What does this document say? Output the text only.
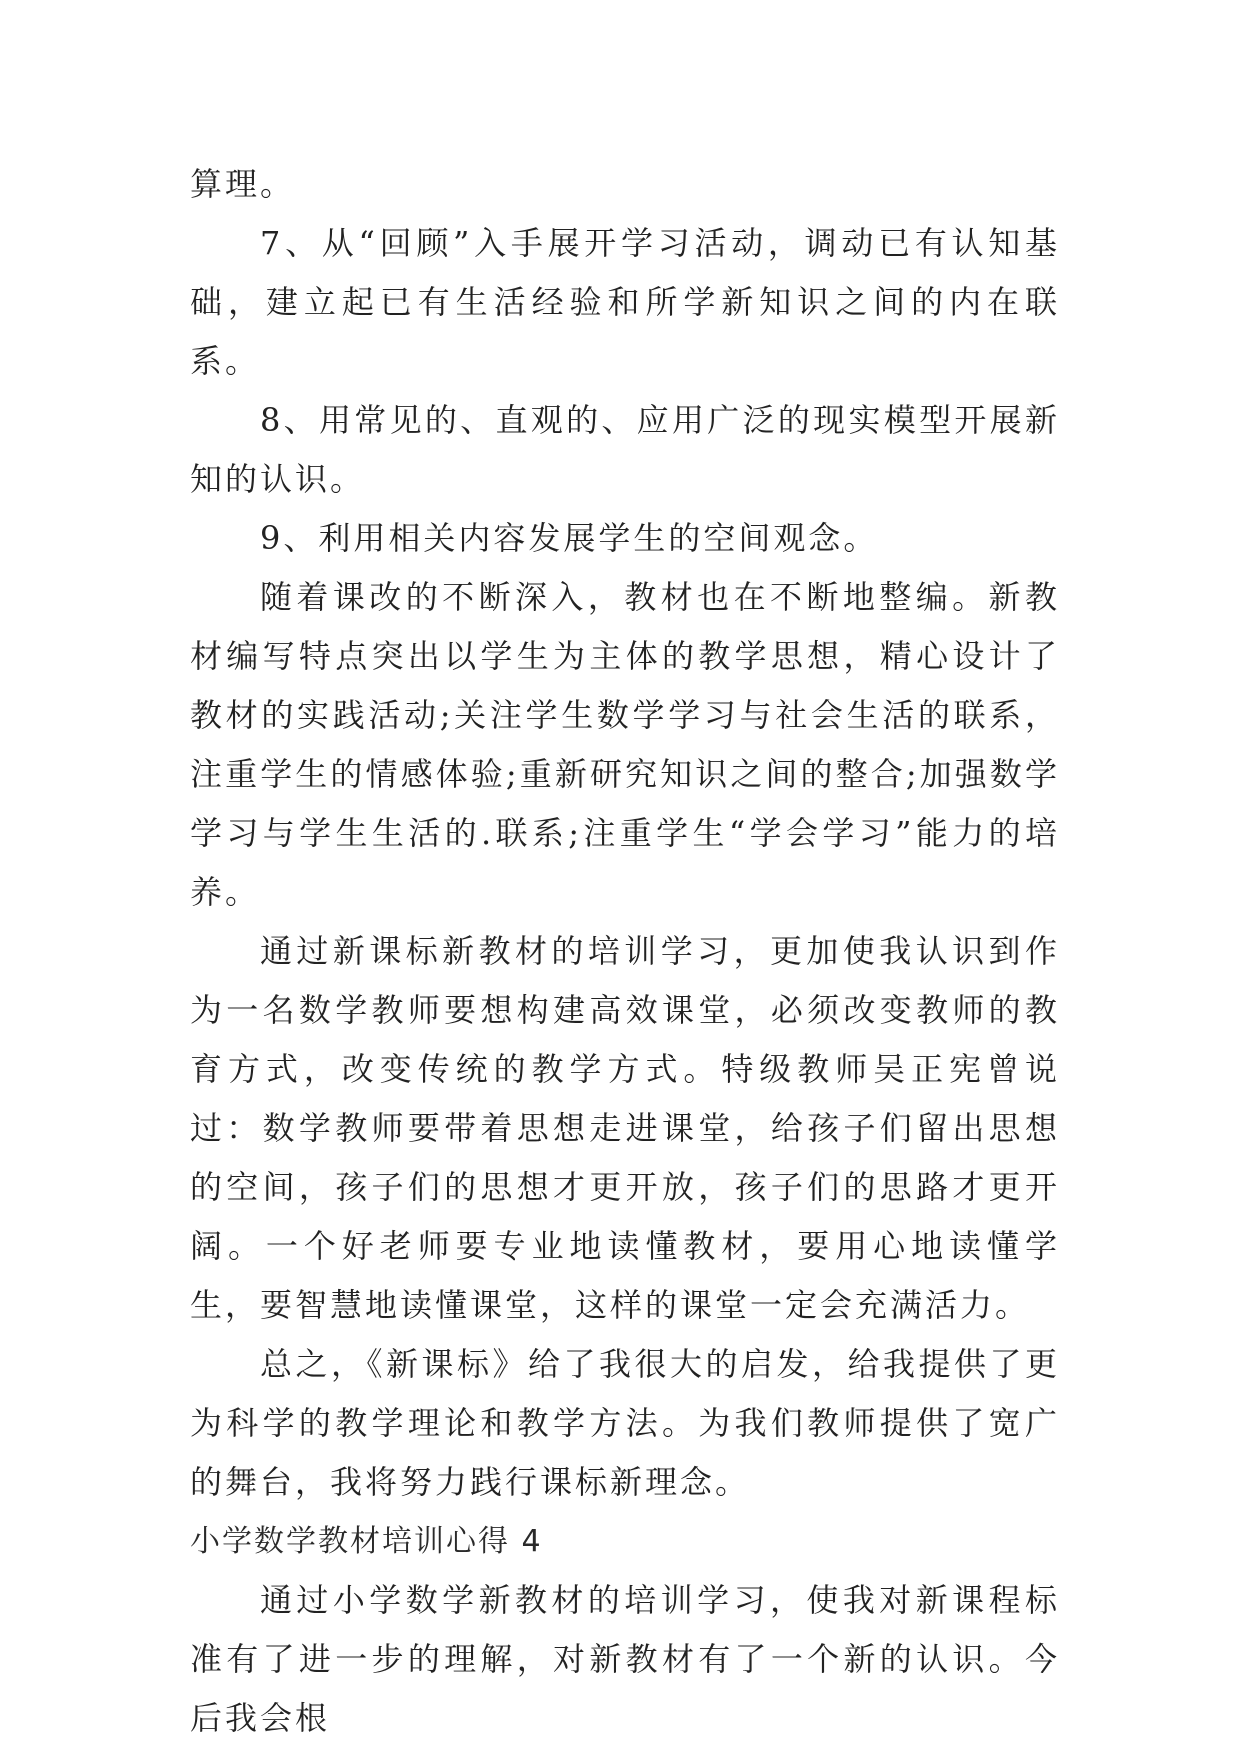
算理。

7、从“回顾”入手展开学习活动，调动已有认知基础，建立起已有生活经验和所学新知识之间的内在联系。

8、用常见的、直观的、应用广泛的现实模型开展新知的认识。

9、利用相关内容发展学生的空间观念。

随着课改的不断深入，教材也在不断地整编。新教材编写特点突出以学生为主体的教学思想，精心设计了教材的实践活动;关注学生数学学习与社会生活的联系，注重学生的情感体验;重新研究知识之间的整合;加强数学学习与学生生活的.联系;注重学生“学会学习”能力的培养。

通过新课标新教材的培训学习，更加使我认识到作为一名数学教师要想构建高效课堂，必须改变教师的教育方式，改变传统的教学方式。特级教师吴正宪曾说过：数学教师要带着思想走进课堂，给孩子们留出思想的空间，孩子们的思想才更开放，孩子们的思路才更开阔。一个好老师要专业地读懂教材，要用心地读懂学生，要智慧地读懂课堂，这样的课堂一定会充满活力。

总之，《新课标》给了我很大的启发，给我提供了更为科学的教学理论和教学方法。为我们教师提供了宽广的舞台，我将努力践行课标新理念。

小学数学教材培训心得 4

通过小学数学新教材的培训学习，使我对新课程标准有了进一步的理解，对新教材有了一个新的认识。今后我会根
